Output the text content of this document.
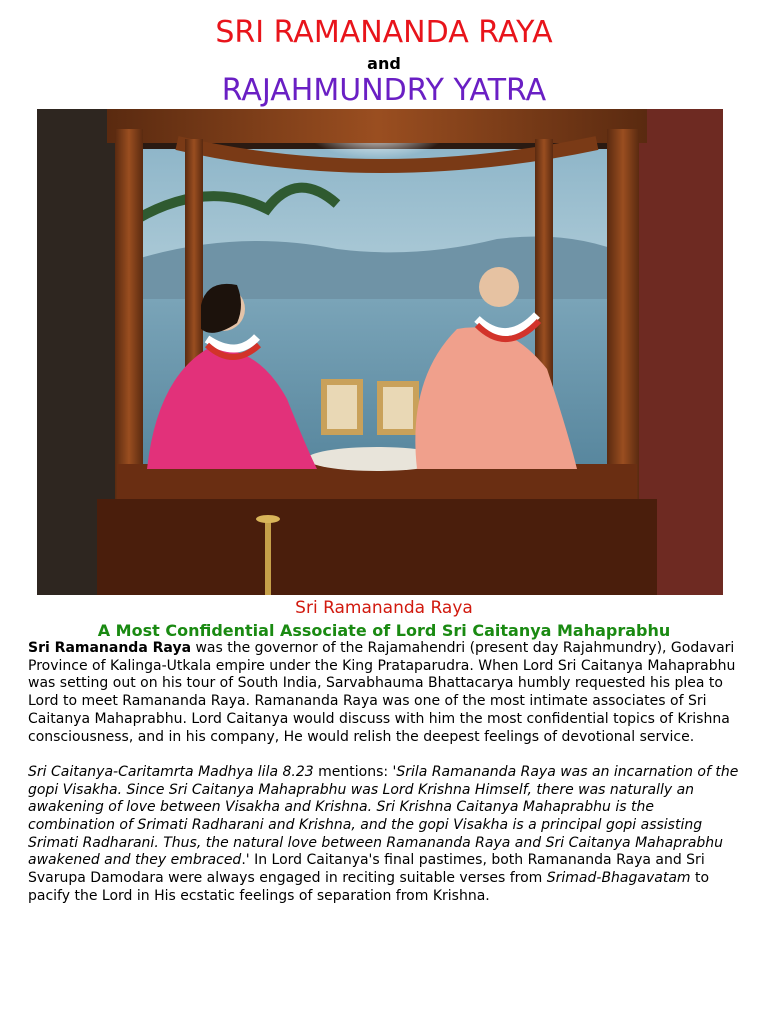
SRI RAMANANDA RAYA
and
RAJAHMUNDRY YATRA
Sri Ramananda Raya
A Most Confidential Associate of Lord Sri Caitanya Mahaprabhu

Sri Ramananda Raya was the governor of the Rajamahendri (present day Rajahmundry), Godavari Province of Kalinga-Utkala empire under the King Prataparudra. When Lord Sri Caitanya Mahaprabhu was setting out on his tour of South India, Sarvabhauma Bhattacarya humbly requested his plea to Lord to meet Ramananda Raya. Ramananda Raya was one of the most intimate associates of Sri Caitanya Mahaprabhu. Lord Caitanya would discuss with him the most confidential topics of Krishna consciousness, and in his company, He would relish the deepest feelings of devotional service.

Sri Caitanya-Caritamrta Madhya lila 8.23 mentions: 'Srila Ramananda Raya was an incarnation of the gopi Visakha. Since Sri Caitanya Mahaprabhu was Lord Krishna Himself, there was naturally an awakening of love between Visakha and Krishna. Sri Krishna Caitanya Mahaprabhu is the combination of Srimati Radharani and Krishna, and the gopi Visakha is a principal gopi assisting Srimati Radharani. Thus, the natural love between Ramananda Raya and Sri Caitanya Mahaprabhu awakened and they embraced.' In Lord Caitanya's final pastimes, both Ramananda Raya and Sri Svarupa Damodara were always engaged in reciting suitable verses from Srimad-Bhagavatam to pacify the Lord in His ecstatic feelings of separation from Krishna.
